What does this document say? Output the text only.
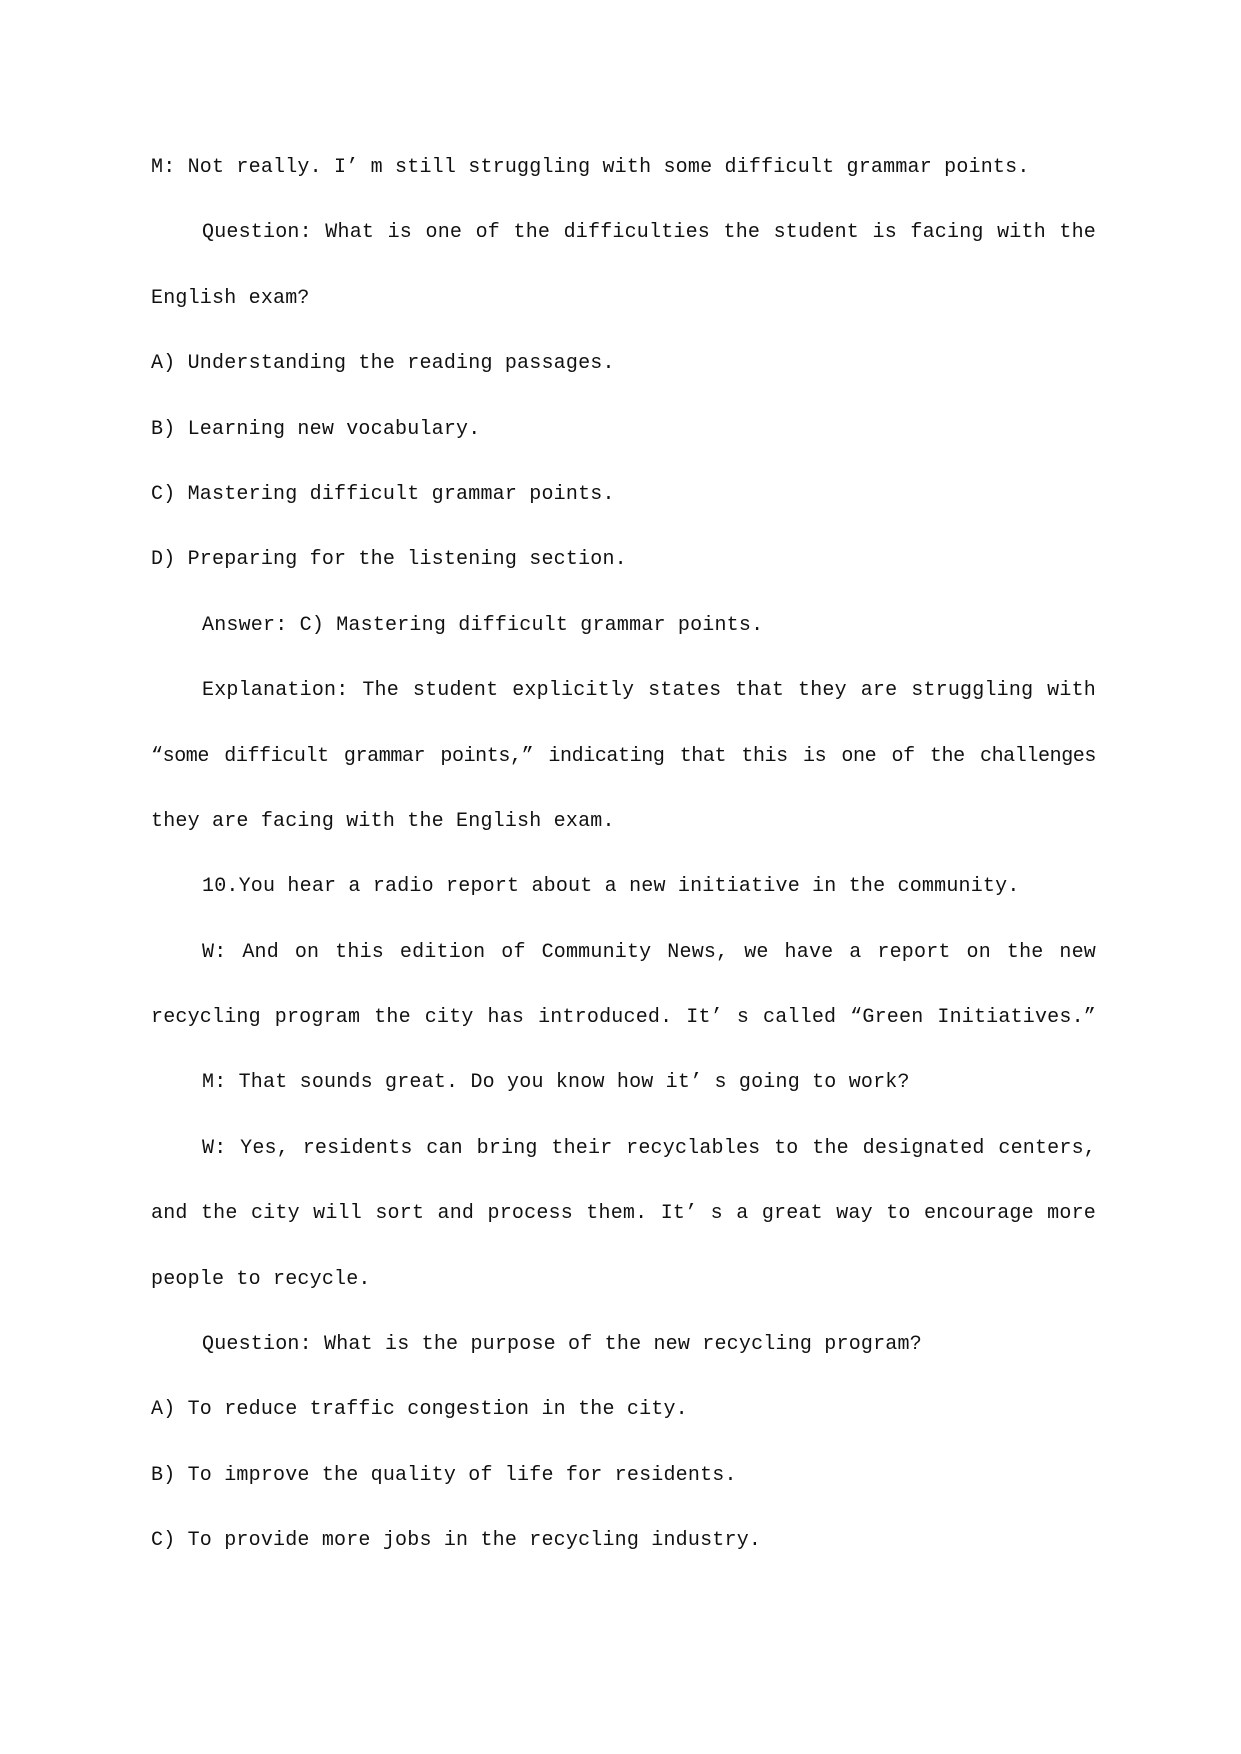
M: Not really. I’ m still struggling with some difficult grammar points.
Question: What is one of the difficulties the student is facing with the
English exam?
A) Understanding the reading passages.
B) Learning new vocabulary.
C) Mastering difficult grammar points.
D) Preparing for the listening section.
Answer: C) Mastering difficult grammar points.
Explanation: The student explicitly states that they are struggling with
“some difficult grammar points,” indicating that this is one of the challenges
they are facing with the English exam.
10.You hear a radio report about a new initiative in the community.
W: And on this edition of Community News, we have a report on the new
recycling program the city has introduced. It’ s called “Green Initiatives.”
M: That sounds great. Do you know how it’ s going to work?
W: Yes, residents can bring their recyclables to the designated centers,
and the city will sort and process them. It’ s a great way to encourage more
people to recycle.
Question: What is the purpose of the new recycling program?
A) To reduce traffic congestion in the city.
B) To improve the quality of life for residents.
C) To provide more jobs in the recycling industry.
